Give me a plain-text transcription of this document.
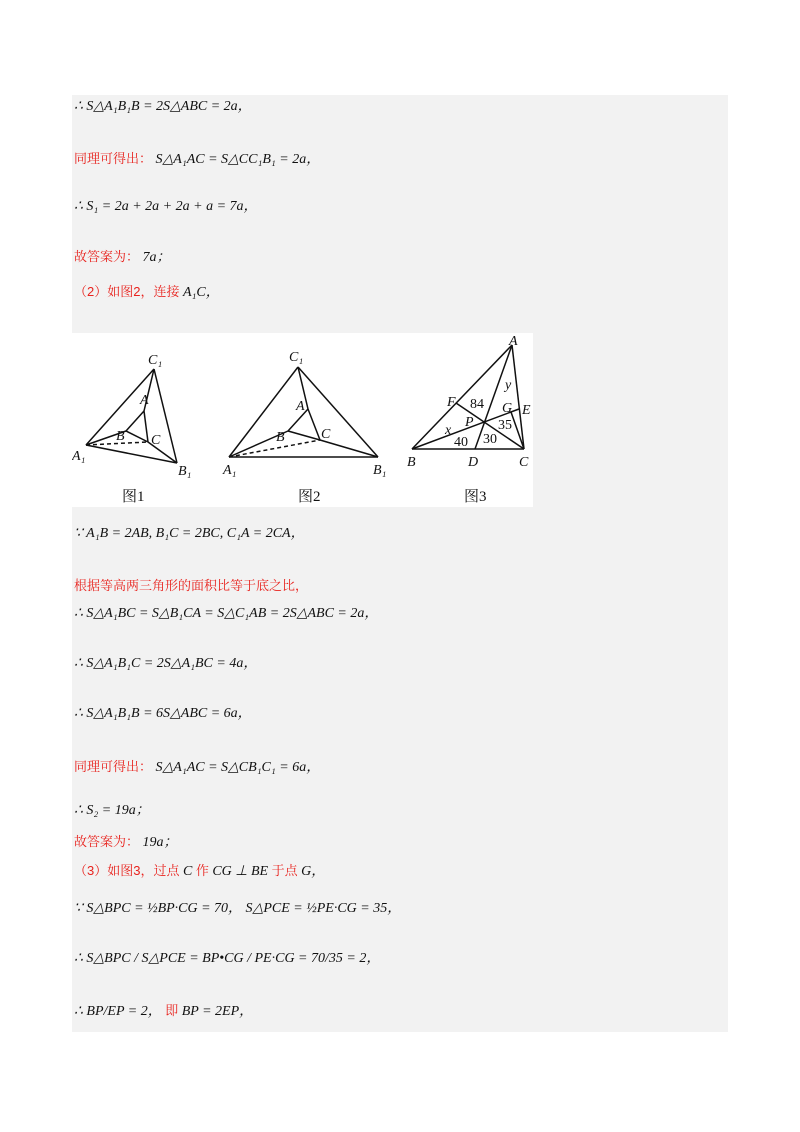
∴ S△A₁B₁B = 2S△ABC = 2a，
同理可得出： S△A₁AC = S△CC₁B₁ = 2a，
∴ S₁ = 2a + 2a + 2a + a = 7a，
故答案为： 7a；
（2）如图2，连接 A₁C，
C₁
A
B C
A₁
B₁
图1
C₁
A
B	C
A₁	B₁
图2
A
B	C
D
E
F	G
P
x
y
84
40 30
35
图3
∵ A₁B = 2AB, B₁C = 2BC, C₁A = 2CA，
根据等高两三角形的面积比等于底之比，
∴ S△A₁BC = S△B₁CA = S△C₁AB = 2S△ABC = 2a，
∴ S△A₁B₁C = 2S△A₁BC = 4a，
∴ S△A₁B₁B = 6S△ABC = 6a，
同理可得出： S△A₁AC = S△CB₁C₁ = 6a，
∴ S₂ = 19a；
故答案为： 19a；
（3）如图3，过点 C 作 CG ⊥ BE 于点 G，
∵ S△BPC = ½BP·CG = 70， S△PCE = ½PE·CG = 35，
∴ S△BPC / S△PCE = BP•CG / PE·CG = 70/35 = 2，
∴ BP/EP = 2， 即 BP = 2EP，
